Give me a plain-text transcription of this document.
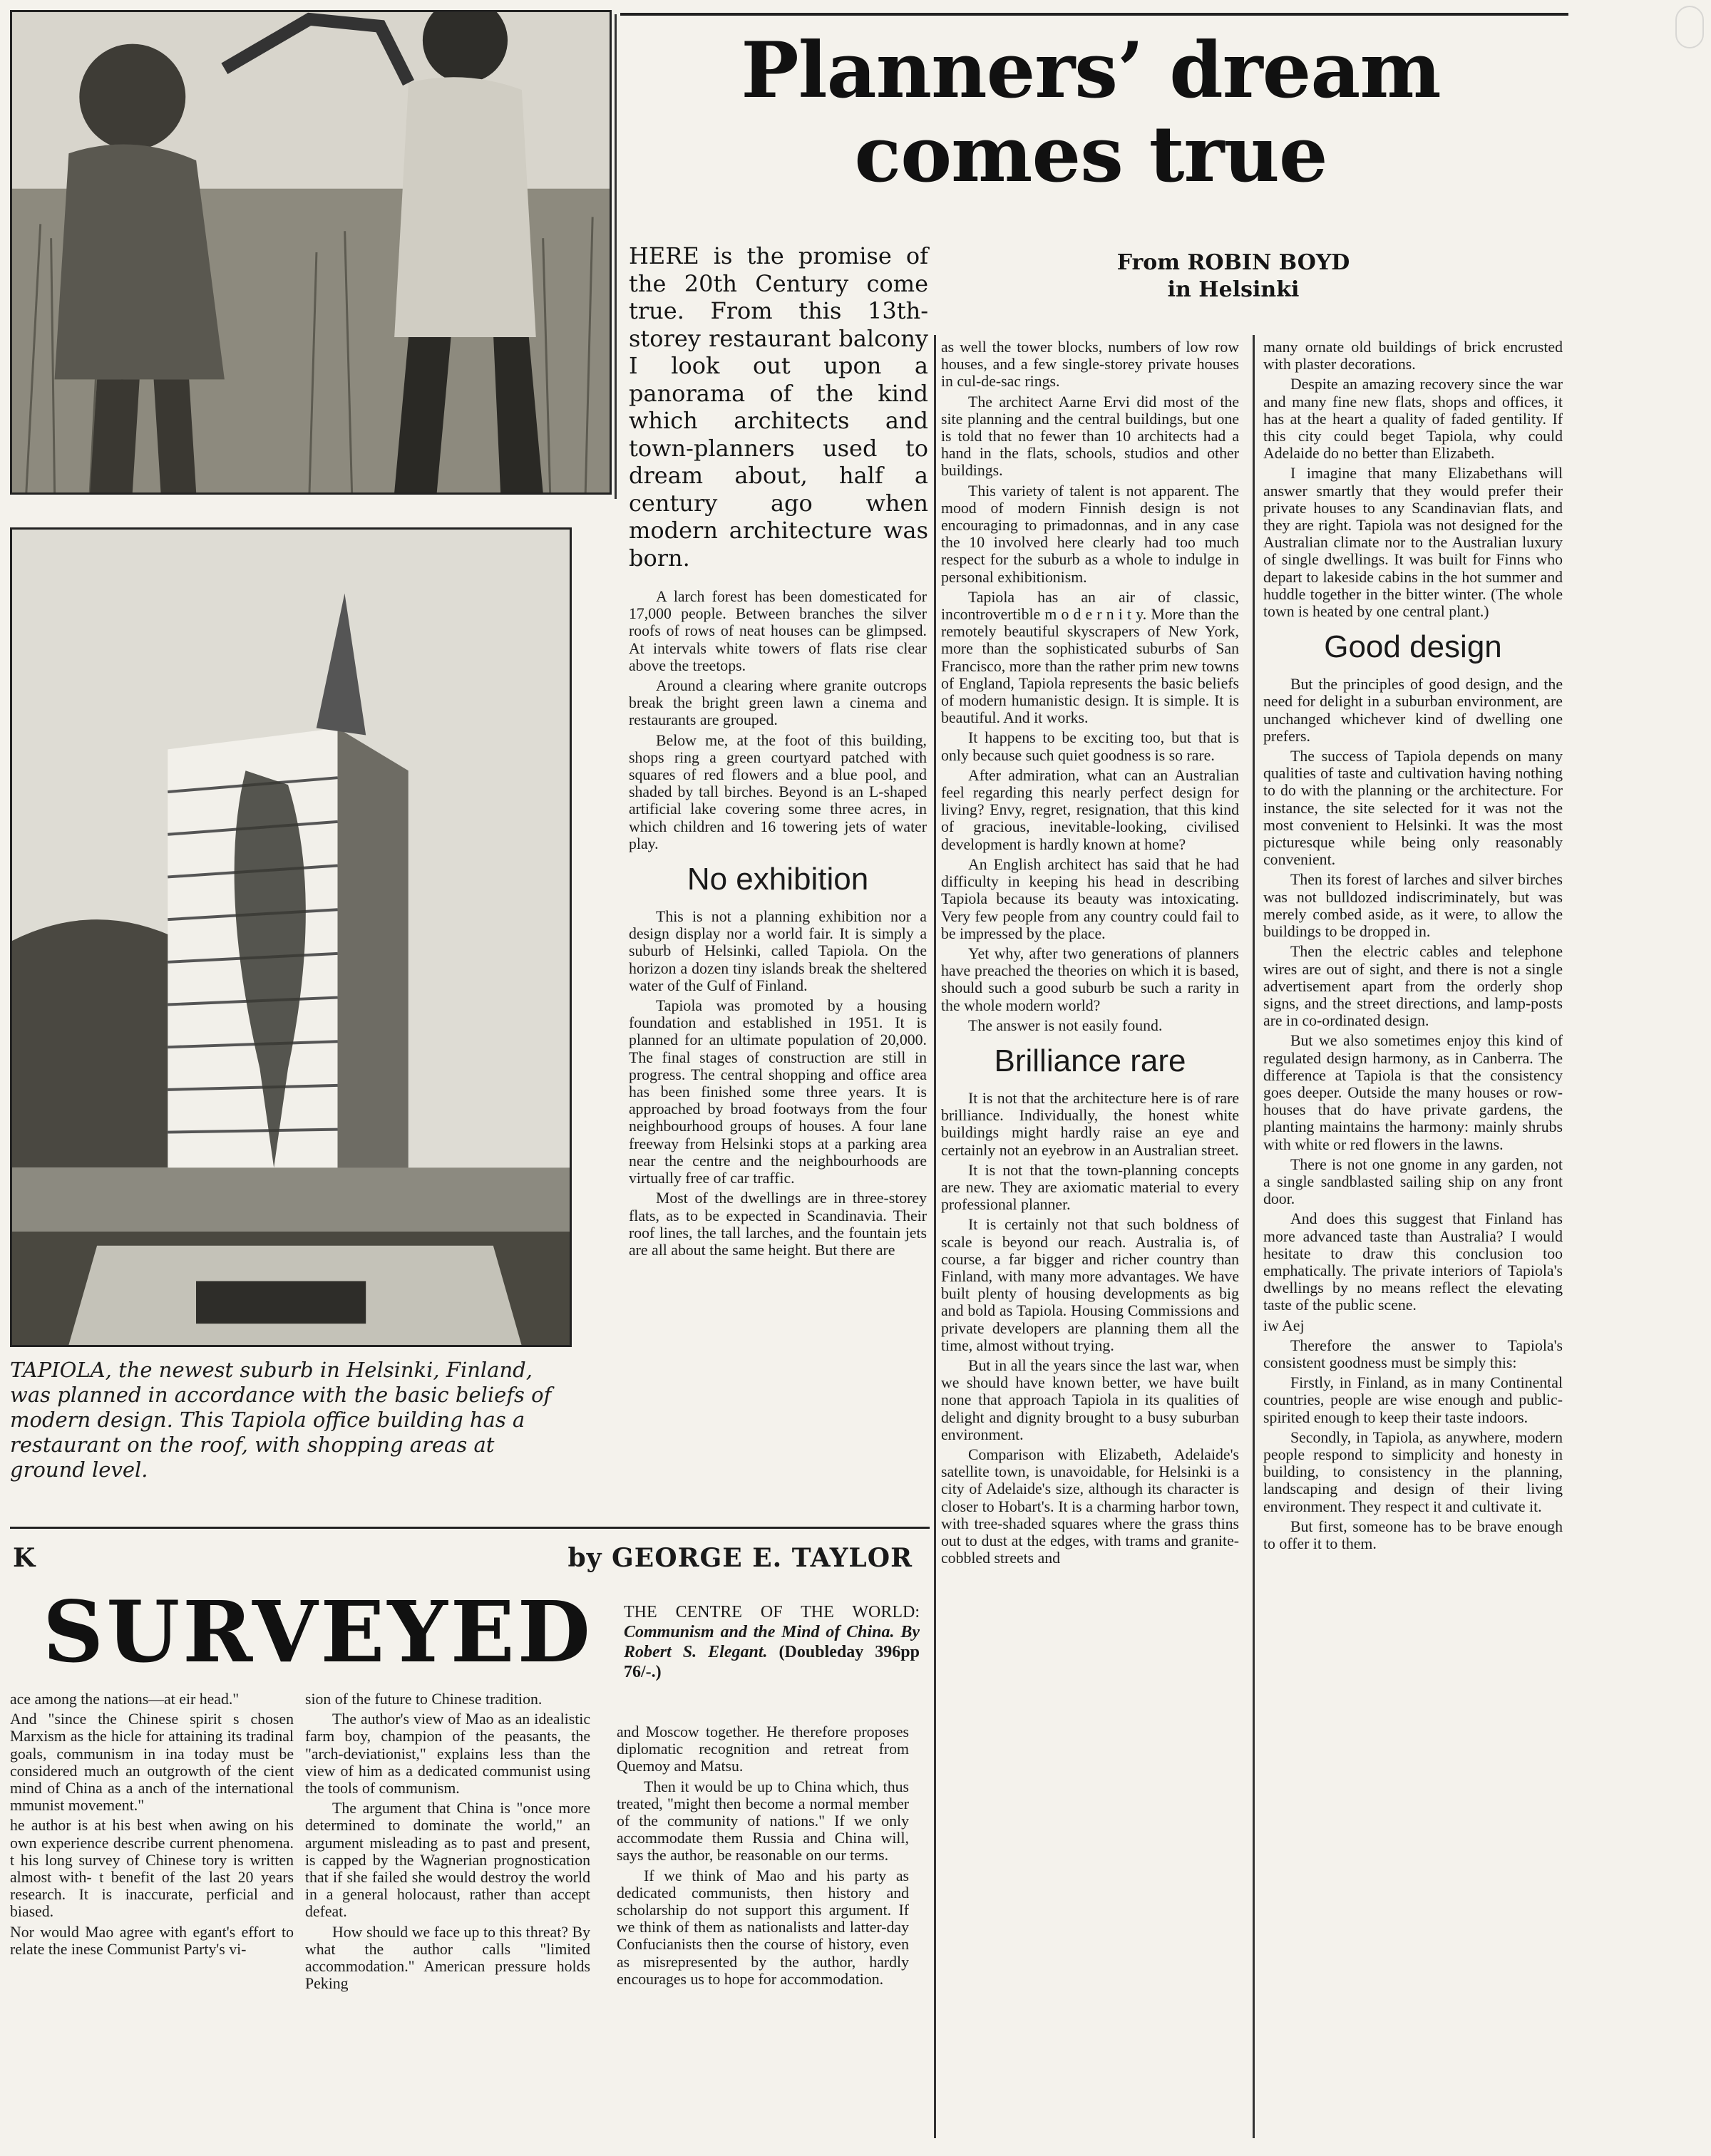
TAPIOLA, the newest suburb in Helsinki, Finland, was planned in accordance with the basic beliefs of modern design. This Tapiola office building has a restaurant on the roof, with shopping areas at ground level.
Planners’ dream
comes true
From ROBIN BOYD
in Helsinki
HERE is the promise of the 20th Century come true. From this 13th-storey restaurant balcony I look out upon a panorama of the kind which architects and town-planners used to dream about, half a century ago when modern architecture was born.

A larch forest has been domesticated for 17,000 people. Between branches the silver roofs of rows of neat houses can be glimpsed. At intervals white towers of flats rise clear above the treetops.

Around a clearing where granite outcrops break the bright green lawn a cinema and restaurants are grouped.

Below me, at the foot of this building, shops ring a green courtyard patched with squares of red flowers and a blue pool, and shaded by tall birches. Beyond is an L-shaped artificial lake covering some three acres, in which children and 16 towering jets of water play.

No exhibition

This is not a planning exhibition nor a design display nor a world fair. It is simply a suburb of Helsinki, called Tapiola. On the horizon a dozen tiny islands break the sheltered water of the Gulf of Finland.

Tapiola was promoted by a housing foundation and established in 1951. It is planned for an ultimate population of 20,000. The final stages of construction are still in progress. The central shopping and office area has been finished some three years. It is approached by broad footways from the four neighbourhood groups of houses. A four lane freeway from Helsinki stops at a parking area near the centre and the neighbourhoods are virtually free of car traffic.

Most of the dwellings are in three-storey flats, as to be expected in Scandinavia. Their roof lines, the tall larches, and the fountain jets are all about the same height. But there are

as well the tower blocks, numbers of low row houses, and a few single-storey private houses in cul-de-sac rings.

The architect Aarne Ervi did most of the site planning and the central buildings, but one is told that no fewer than 10 architects had a hand in the flats, schools, studios and other buildings.

This variety of talent is not apparent. The mood of modern Finnish design is not encouraging to primadonnas, and in any case the 10 involved here clearly had too much respect for the suburb as a whole to indulge in personal exhibitionism.

Tapiola has an air of classic, incontrovertible m o d e r n i t y. More than the remotely beautiful skyscrapers of New York, more than the sophisticated suburbs of San Francisco, more than the rather prim new towns of England, Tapiola represents the basic beliefs of modern humanistic design. It is simple. It is beautiful. And it works.

It happens to be exciting too, but that is only because such quiet goodness is so rare.

After admiration, what can an Australian feel regarding this nearly perfect design for living? Envy, regret, resignation, that this kind of gracious, inevitable-looking, civilised development is hardly known at home?

An English architect has said that he had difficulty in keeping his head in describing Tapiola because its beauty was intoxicating. Very few people from any country could fail to be impressed by the place.

Yet why, after two generations of planners have preached the theories on which it is based, should such a good suburb be such a rarity in the whole modern world?

The answer is not easily found.

Brilliance rare

It is not that the architecture here is of rare brilliance. Individually, the honest white buildings might hardly raise an eye and certainly not an eyebrow in an Australian street.

It is not that the town-planning concepts are new. They are axiomatic material to every professional planner.

It is certainly not that such boldness of scale is beyond our reach. Australia is, of course, a far bigger and richer country than Finland, with many more advantages. We have built plenty of housing developments as big and bold as Tapiola. Housing Commissions and private developers are planning them all the time, almost without trying.

But in all the years since the last war, when we should have known better, we have built none that approach Tapiola in its qualities of delight and dignity brought to a busy suburban environment.

Comparison with Elizabeth, Adelaide's satellite town, is unavoidable, for Helsinki is a city of Adelaide's size, although its character is closer to Hobart's. It is a charming harbor town, with tree-shaded squares where the grass thins out to dust at the edges, with trams and granite-cobbled streets and

many ornate old buildings of brick encrusted with plaster decorations.

Despite an amazing recovery since the war and many fine new flats, shops and offices, it has at the heart a quality of faded gentility. If this city could beget Tapiola, why could Adelaide do no better than Elizabeth.

I imagine that many Elizabethans will answer smartly that they would prefer their private houses to any Scandinavian flats, and they are right. Tapiola was not designed for the Australian climate nor to the Australian luxury of single dwellings. It was built for Finns who depart to lakeside cabins in the hot summer and huddle together in the bitter winter. (The whole town is heated by one central plant.)

Good design

But the principles of good design, and the need for delight in a suburban environment, are unchanged whichever kind of dwelling one prefers.

The success of Tapiola depends on many qualities of taste and cultivation having nothing to do with the planning or the architecture. For instance, the site selected for it was not the most convenient to Helsinki. It was the most picturesque while being only reasonably convenient.

Then its forest of larches and silver birches was not bulldozed indiscriminately, but was merely combed aside, as it were, to allow the buildings to be dropped in.

Then the electric cables and telephone wires are out of sight, and there is not a single advertisement apart from the orderly shop signs, and the street directions, and lamp-posts are in co-ordinated design.

But we also sometimes enjoy this kind of regulated design harmony, as in Canberra. The difference at Tapiola is that the consistency goes deeper. Outside the many houses or row-houses that do have private gardens, the planting maintains the harmony: mainly shrubs with white or red flowers in the lawns.

There is not one gnome in any garden, not a single sandblasted sailing ship on any front door.

And does this suggest that Finland has more advanced taste than Australia? I would hesitate to draw this conclusion too emphatically. The private interiors of Tapiola's dwellings by no means reflect the elevating taste of the public scene.

iw Aej

Therefore the answer to Tapiola's consistent goodness must be simply this:

Firstly, in Finland, as in many Continental countries, people are wise enough and public-spirited enough to keep their taste indoors.

Secondly, in Tapiola, as anywhere, modern people respond to simplicity and honesty in building, to consistency in the planning, landscaping and design of their living environment. They respect it and cultivate it.

But first, someone has to be brave enough to offer it to them.

K	by GEORGE E. TAYLOR
SURVEYED THE CENTRE OF THE WORLD: Communism and the Mind of China. By Robert S. Elegant. (Doubleday 396pp 76/-.)

ace among the nations—at eir head."

And "since the Chinese spirit s chosen Marxism as the hicle for attaining its tradinal goals, communism in ina today must be considered much an outgrowth of the cient mind of China as a anch of the international mmunist movement."

he author is at his best when awing on his own experience describe current phenomena. t his long survey of Chinese tory is written almost with- t benefit of the last 20 years research. It is inaccurate, perficial and biased.

Nor would Mao agree with egant's effort to relate the inese Communist Party's vi-

sion of the future to Chinese tradition.

The author's view of Mao as an idealistic farm boy, champion of the peasants, the "arch-deviationist," explains less than the view of him as a dedicated communist using the tools of communism.

The argument that China is "once more determined to dominate the world," an argument misleading as to past and present, is capped by the Wagnerian prognostication that if she failed she would destroy the world in a general holocaust, rather than accept defeat.

How should we face up to this threat? By what the author calls "limited accommodation." American pressure holds Peking

and Moscow together. He therefore proposes diplomatic recognition and retreat from Quemoy and Matsu.

Then it would be up to China which, thus treated, "might then become a normal member of the community of nations." If we only accommodate them Russia and China will, says the author, be reasonable on our terms.

If we think of Mao and his party as dedicated communists, then history and scholarship do not support this argument. If we think of them as nationalists and latter-day Confucianists then the course of history, even as misrepresented by the author, hardly encourages us to hope for accommodation.
